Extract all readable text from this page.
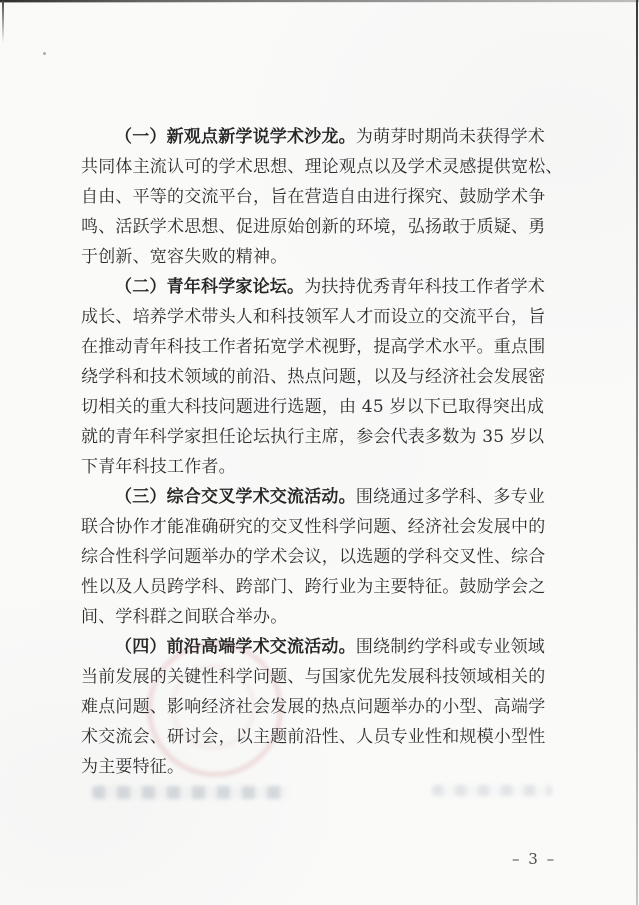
（一）新观点新学说学术沙龙。为萌芽时期尚未获得学术
共同体主流认可的学术思想、理论观点以及学术灵感提供宽松、
自由、平等的交流平台，旨在营造自由进行探究、鼓励学术争
鸣、活跃学术思想、促进原始创新的环境，弘扬敢于质疑、勇
于创新、宽容失败的精神。

（二）青年科学家论坛。为扶持优秀青年科技工作者学术
成长、培养学术带头人和科技领军人才而设立的交流平台，旨
在推动青年科技工作者拓宽学术视野，提高学术水平。重点围
绕学科和技术领域的前沿、热点问题，以及与经济社会发展密
切相关的重大科技问题进行选题，由 45 岁以下已取得突出成
就的青年科学家担任论坛执行主席，参会代表多数为 35 岁以
下青年科技工作者。

（三）综合交叉学术交流活动。围绕通过多学科、多专业
联合协作才能准确研究的交叉性科学问题、经济社会发展中的
综合性科学问题举办的学术会议，以选题的学科交叉性、综合
性以及人员跨学科、跨部门、跨行业为主要特征。鼓励学会之
间、学科群之间联合举办。

（四）前沿高端学术交流活动。围绕制约学科或专业领域
当前发展的关键性科学问题、与国家优先发展科技领域相关的
难点问题、影响经济社会发展的热点问题举办的小型、高端学
术交流会、研讨会，以主题前沿性、人员专业性和规模小型性
为主要特征。

– 3 –
